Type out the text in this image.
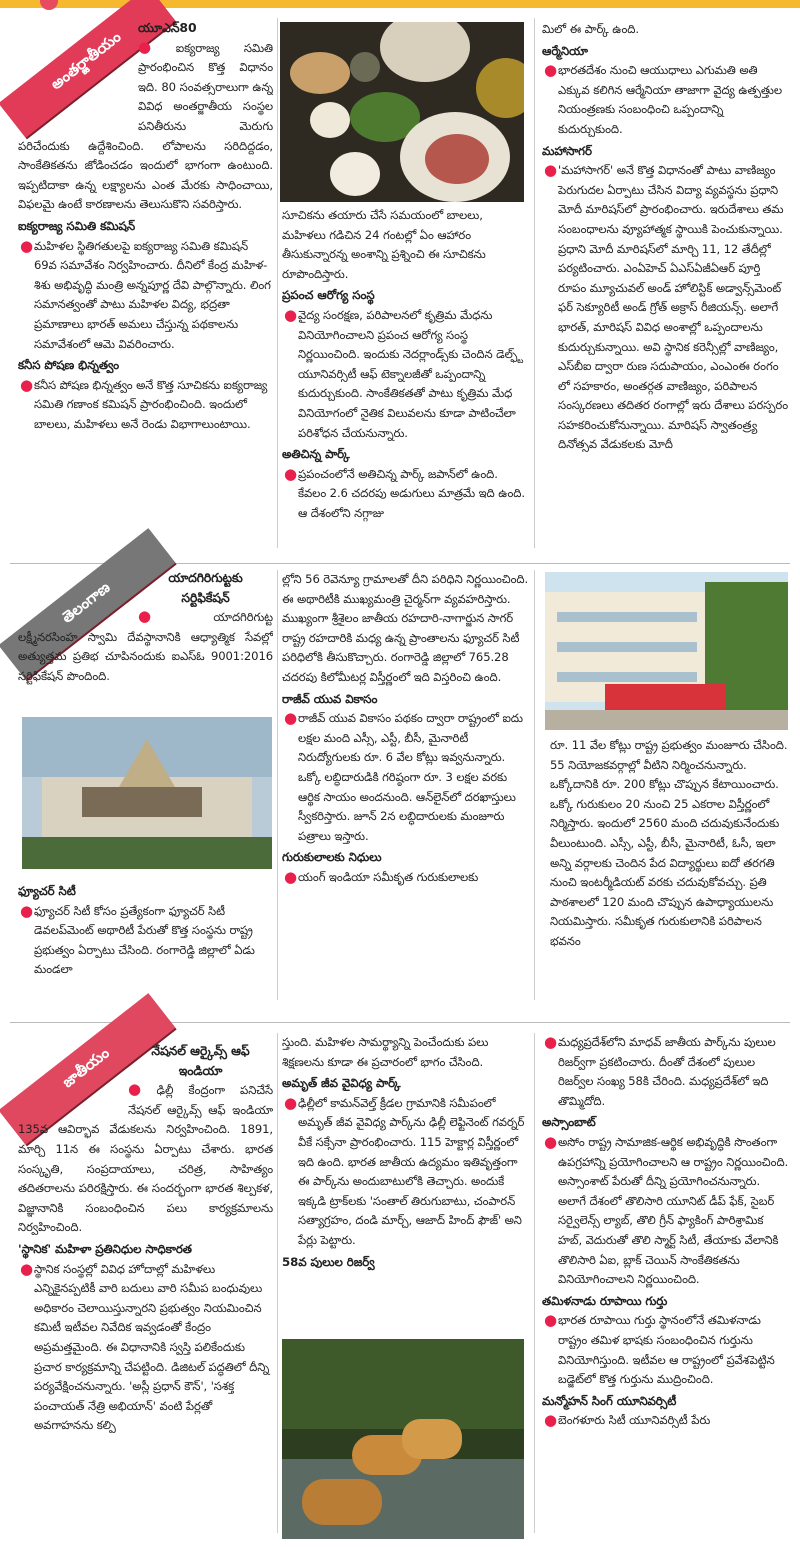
అంతర్జాతీయం	యూఎన్80
● ఐక్యరాజ్య సమితి ప్రారంభించిన కొత్త విధానం ఇది. 80 సంవత్సరాలుగా ఉన్న వివిధ అంతర్జాతీయ సంస్థల పనితీరును మెరుగు పరిచేందుకు ఉద్దేశించింది. లోపాలను సరిదిద్దడం, సాంకేతికతను జోడించడం ఇందులో భాగంగా ఉంటుంది. ఇప్పటిదాకా ఉన్న లక్ష్యాలను ఎంత మేరకు సాధించాయి, విఫలమై ఉంటే కారణాలను తెలుసుకొని సవరిస్తారు.
ఐక్యరాజ్య సమితి కమిషన్
● మహిళల స్థితిగతులపై ఐక్యరాజ్య సమితి కమిషన్ 69వ సమావేశం నిర్వహించారు. దీనిలో కేంద్ర మహిళ-శిశు అభివృద్ధి మంత్రి అన్నపూర్ణ దేవి పాల్గొన్నారు. లింగ సమానత్వంతో పాటు మహిళల విద్య, భద్రతా ప్రమాణాలు భారత్ అమలు చేస్తున్న పథకాలను సమావేశంలో ఆమె వివరించారు.
కనీస పోషణ భిన్నత్వం
● కనీస పోషణ భిన్నత్వం అనే కొత్త సూచికను ఐక్యరాజ్య సమితి గణాంక కమిషన్ ప్రారంభించింది. ఇందులో బాలలు, మహిళలు అనే రెండు విభాగాలుంటాయి.
సూచికను తయారు చేసే సమయంలో బాలలు, మహిళలు గడిచిన 24 గంటల్లో ఏం ఆహారం తీసుకున్నారన్న అంశాన్ని ప్రశ్నించి ఈ సూచికను రూపొందిస్తారు.
ప్రపంచ ఆరోగ్య సంస్థ
● వైద్య సంరక్షణ, పరిపాలనలో కృత్రిమ మేధను వినియోగించాలని ప్రపంచ ఆరోగ్య సంస్థ నిర్ణయించింది. ఇందుకు నెదర్లాండ్స్‌కు చెందిన డెల్ఫ్ట్ యూనివర్సిటీ ఆఫ్ టెక్నాలజీతో ఒప్పందాన్ని కుదుర్చుకుంది. సాంకేతికతతో పాటు కృత్రిమ మేధ వినియోగంలో నైతిక విలువలను కూడా పాటించేలా పరిశోధన చేయనున్నారు.
అతిచిన్న పార్క్
● ప్రపంచంలోనే అతిచిన్న పార్క్ జపాన్‌లో ఉంది. కేవలం 2.6 చదరపు అడుగులు మాత్రమే ఇది ఉంది. ఆ దేశంలోని నగ్గాజు
మిలో ఈ పార్క్ ఉంది.
ఆర్మేనియా
● భారతదేశం నుంచి ఆయుధాలు ఎగుమతి అతి ఎక్కువ కలిగిన ఆర్మేనియా తాజాగా వైద్య ఉత్పత్తుల నియంత్రణకు సంబంధించి ఒప్పందాన్ని కుదుర్చుకుంది.
మహాసాగర్
● 'మహాసాగర్' అనే కొత్త విధానంతో పాటు వాణిజ్యం పెరుగుదల ఏర్పాటు చేసిన విద్యా వ్యవస్థను ప్రధాని మోదీ మారిషస్‌లో ప్రారంభించారు. ఇరుదేశాలు తమ సంబంధాలను వ్యూహాత్మక స్థాయికి పెంచుకున్నాయి. ప్రధాని మోదీ మారిషస్‌లో మార్చి 11, 12 తేదీల్లో పర్యటించారు. ఎంఏహెచ్ ఏఎస్ఏజీఏఆర్ పూర్తి రూపం మ్యూచువల్ అండ్ హోలిస్టిక్ అడ్వాన్స్‌మెంట్ ఫర్ సెక్యూరిటీ అండ్ గ్రోత్ అక్రాస్ రీజియన్స్. అలాగే భారత్, మారిషస్ వివిధ అంశాల్లో ఒప్పందాలను కుదుర్చుకున్నాయి. అవి స్థానిక కరెన్సీల్లో వాణిజ్యం, ఎస్‌బీఐ ద్వారా రుణ సదుపాయం, ఎంఎంఈ రంగం లో సహకారం, అంతర్గత వాణిజ్యం, పరిపాలన సంస్కరణలు తదితర రంగాల్లో ఇరు దేశాలు పరస్పరం సహకరించుకోనున్నాయి. మారిషస్ స్వాతంత్ర్య దినోత్సవ వేడుకలకు మోదీ
తెలంగాణ
యాదగిరిగుట్టకు
సర్టిఫికేషన్
● యాదగిరిగుట్ట లక్ష్మీనరసింహ స్వామి దేవస్థానానికి ఆధ్యాత్మిక సేవల్లో అత్యుత్తమ ప్రతిభ చూపినందుకు ఐఎస్ఓ 9001:2016 సర్టిఫికేషన్ పొందింది.
ఫ్యూచర్ సిటీ
● ఫ్యూచర్ సిటీ కోసం ప్రత్యేకంగా ఫ్యూచర్ సిటీ డెవలప్‌మెంట్ అథారిటీ పేరుతో కొత్త సంస్థను రాష్ట్ర ప్రభుత్వం ఏర్పాటు చేసింది. రంగారెడ్డి జిల్లాలో ఏడు మండలా
ల్లోని 56 రెవెన్యూ గ్రామాలతో దీని పరిధిని నిర్ణయించింది. ఈ అథారిటీకి ముఖ్యమంత్రి చైర్మన్‌గా వ్యవహరిస్తారు. ముఖ్యంగా శ్రీశైలం జాతీయ రహదారి-నాగార్జున సాగర్ రాష్ట్ర రహదారికి మధ్య ఉన్న ప్రాంతాలను ఫ్యూచర్ సిటీ పరిధిలోకి తీసుకొచ్చారు. రంగారెడ్డి జిల్లాలో 765.28 చదరపు కిలోమీటర్ల విస్తీర్ణంలో ఇది విస్తరించి ఉంది.
రాజీవ్ యువ వికాసం
● రాజీవ్ యువ వికాసం పథకం ద్వారా రాష్ట్రంలో ఐదు లక్షల మంది ఎస్సీ, ఎస్టీ, బీసీ, మైనారిటీ నిరుద్యోగులకు రూ. 6 వేల కోట్లు ఇవ్వనున్నారు. ఒక్కో లబ్ధిదారుడికి గరిష్ఠంగా రూ. 3 లక్షల వరకు ఆర్థిక సాయం అందనుంది. ఆన్‌లైన్‌లో దరఖాస్తులు స్వీకరిస్తారు. జూన్ 2న లబ్ధిదారులకు మంజూరు పత్రాలు ఇస్తారు.
గురుకులాలకు నిధులు
● యంగ్ ఇండియా సమీకృత గురుకులాలకు
రూ. 11 వేల కోట్లు రాష్ట్ర ప్రభుత్వం మంజూరు చేసింది. 55 నియోజకవర్గాల్లో వీటిని నిర్మించనున్నారు. ఒక్కోదానికి రూ. 200 కోట్లు చొప్పున కేటాయించారు. ఒక్కో గురుకులం 20 నుంచి 25 ఎకరాల విస్తీర్ణంలో నిర్మిస్తారు. ఇందులో 2560 మంది చదువుకునేందుకు వీలుంటుంది. ఎస్సీ, ఎస్టీ, బీసీ, మైనారిటీ, ఓసీ, ఇలా అన్ని వర్గాలకు చెందిన పేద విద్యార్థులు ఐదో తరగతి నుంచి ఇంటర్మీడియట్ వరకు చదువుకోవచ్చు. ప్రతి పాఠశాలలో 120 మంది చొప్పున ఉపాధ్యాయులను నియమిస్తారు. సమీకృత గురుకులానికి పరిపాలన భవనం
జాతీయం	నేషనల్ ఆర్కైవ్స్ ఆఫ్
ఇండియా
● ఢిల్లీ కేంద్రంగా పనిచేసే నేషనల్ ఆర్కైవ్స్ ఆఫ్ ఇండియా 135వ ఆవిర్భావ వేడుకలను నిర్వహించింది. 1891, మార్చి 11న ఈ సంస్థను ఏర్పాటు చేశారు. భారత సంస్కృతి, సంప్రదాయాలు, చరిత్ర, సాహిత్యం తదితరాలను పరిరక్షిస్తారు. ఈ సందర్భంగా భారత శిల్పకళ, విజ్ఞానానికి సంబంధించిన పలు కార్యక్రమాలను నిర్వహించింది.
'స్థానిక' మహిళా ప్రతినిధుల సాధికారత
● స్థానిక సంస్థల్లో వివిధ హోదాల్లో మహిళలు ఎన్నికైనప్పటికీ వారి బదులు వారి సమీప బంధువులు అధికారం చెలాయిస్తున్నారని ప్రభుత్వం నియమించిన కమిటీ ఇటీవల నివేదిక ఇవ్వడంతో కేంద్రం అప్రమత్తమైంది. ఈ విధానానికి స్వస్తి పలికేందుకు ప్రచార కార్యక్రమాన్ని చేపట్టింది. డిజిటల్ పద్ధతిలో దీన్ని పర్యవేక్షించనున్నారు. 'అస్లీ ప్రధాన్ కౌన్', 'సశక్త పంచాయత్ నేత్రి అభియాన్' వంటి పేర్లతో అవగాహనను కల్పి
స్తుంది. మహిళల సామర్థ్యాన్ని పెంచేందుకు పలు శిక్షణలను కూడా ఈ ప్రచారంలో భాగం చేసింది.
అమృత్ జీవ వైవిధ్య పార్క్
● ఢిల్లీలో కామన్‌వెల్త్ క్రీడల గ్రామానికి సమీపంలో అమృత్ జీవ వైవిధ్య పార్క్‌ను ఢిల్లీ లెఫ్టినెంట్ గవర్నర్ వీకే సక్సేనా ప్రారంభించారు. 115 హెక్టార్ల విస్తీర్ణంలో ఇది ఉంది. భారత జాతీయ ఉద్యమం ఇతివృత్తంగా ఈ పార్క్‌ను అందుబాటులోకి తెచ్చారు. అందుకే ఇక్కడి ట్రాక్‌లకు 'సంతాల్ తిరుగుబాటు, చంపారన్ సత్యాగ్రహం, దండి మార్చ్, ఆజాద్ హింద్ ఫౌజ్' అని పేర్లు పెట్టారు.
58వ పులుల రిజర్వ్
● మధ్యప్రదేశ్‌లోని మాధవ్ జాతీయ పార్క్‌ను పులుల రిజర్వ్‌గా ప్రకటించారు. దీంతో దేశంలో పులుల రిజర్వ్‌ల సంఖ్య 58కి చేరింది. మధ్యప్రదేశ్‌లో ఇది తొమ్మిదోది.
అస్సాంబాట్
● అసోం రాష్ట్ర సామాజిక-ఆర్థిక అభివృద్ధికి సొంతంగా ఉపగ్రహాన్ని ప్రయోగించాలని ఆ రాష్ట్రం నిర్ణయించింది. అస్సాంశాట్ పేరుతో దీన్ని ప్రయోగించనున్నారు. అలాగే దేశంలో తొలిసారి యూనిట్ డీప్ ఫేక్, సైబర్ సర్వైలెన్స్ ల్యాబ్, తొలి గ్రీన్ ఫ్యాకింగ్ పారిశ్రామిక హబ్, వెదురుతో తొలి స్మార్ట్ సిటీ, తేయాకు వేలానికి తొలిసారి ఏఐ, బ్లాక్ చెయిన్ సాంకేతికతను వినియోగించాలని నిర్ణయించింది.
తమిళనాడు రూపాయి గుర్తు
● భారత రూపాయి గుర్తు స్థానంలోనే తమిళనాడు రాష్ట్రం తమిళ భాషకు సంబంధించిన గుర్తును వినియోగిస్తుంది. ఇటీవల ఆ రాష్ట్రంలో ప్రవేశపెట్టిన బడ్జెట్‌లో కొత్త గుర్తును ముద్రించింది.
మన్మోహన్ సింగ్ యూనివర్సిటీ
● బెంగళూరు సిటీ యూనివర్సిటీ పేరు
